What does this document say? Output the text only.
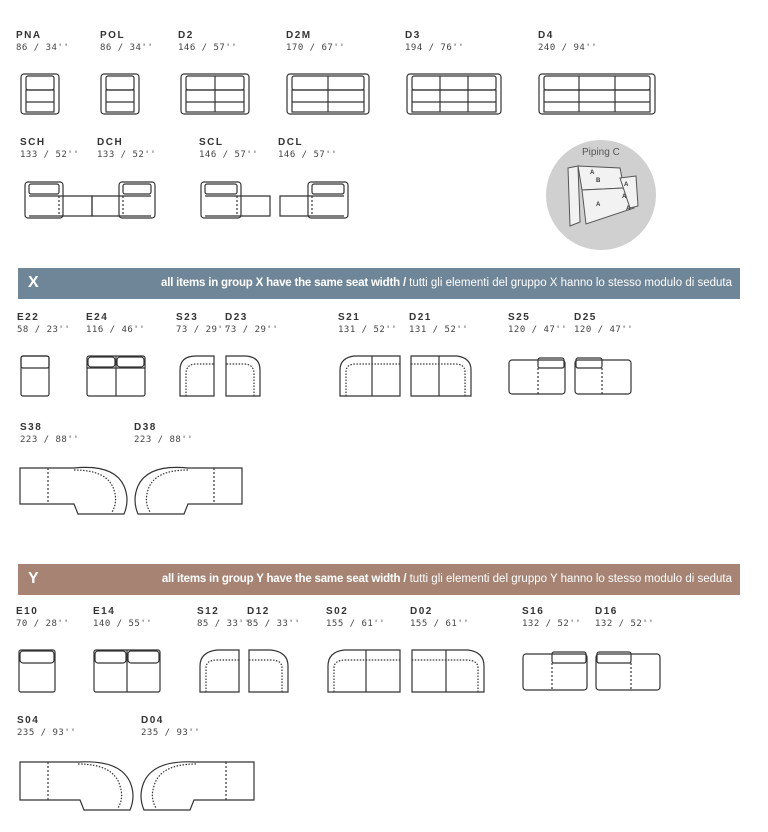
PNA
86 / 34''
POL
86 / 34''
D2
146 / 57''
D2M
170 / 67''
D3
194 / 76''
D4
240 / 94''
SCH
133 / 52''
DCH
133 / 52''
SCL
146 / 57''
DCL
146 / 57''	Piping C
A
B
A
A
A
A
X	all items in group X have the same seat width / tutti gli elementi del gruppo X hanno lo stesso modulo di seduta
E22
58 / 23''
E24
116 / 46''
S23
73 / 29''
D23
73 / 29''
S21
131 / 52''
D21
131 / 52''
S25
120 / 47''
D25
120 / 47''
S38
223 / 88''
D38
223 / 88''
Y	all items in group Y have the same seat width / tutti gli elementi del gruppo Y hanno lo stesso modulo di seduta
E10
70 / 28''
E14
140 / 55''
S12
85 / 33''
D12
85 / 33''
S02
155 / 61''
D02
155 / 61''
S16
132 / 52''
D16
132 / 52''
S04
235 / 93''
D04
235 / 93''
